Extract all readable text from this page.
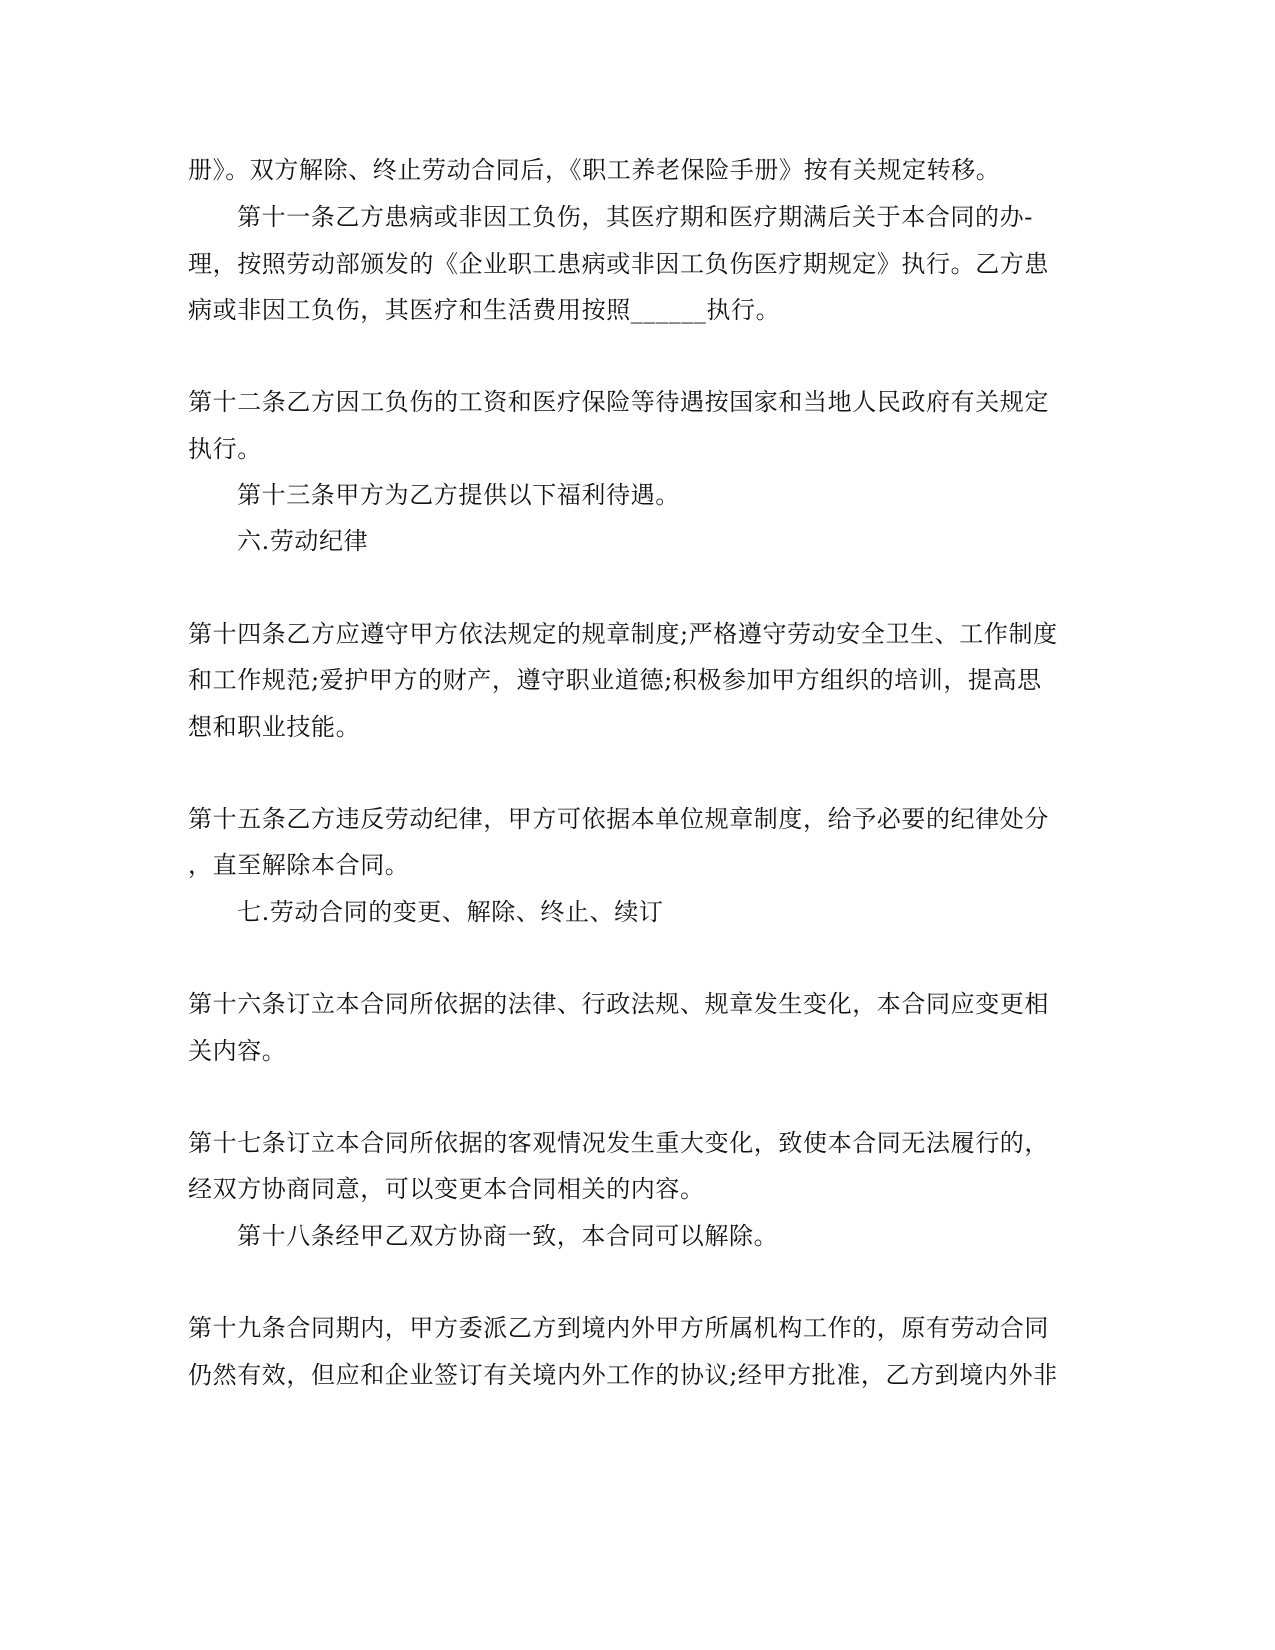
册》。双方解除、终止劳动合同后，《职工养老保险手册》按有关规定转移。
第十一条乙方患病或非因工负伤，其医疗期和医疗期满后关于本合同的办-
理，按照劳动部颁发的《企业职工患病或非因工负伤医疗期规定》执行。乙方患
病或非因工负伤，其医疗和生活费用按照______执行。
第十二条乙方因工负伤的工资和医疗保险等待遇按国家和当地人民政府有关规定
执行。
第十三条甲方为乙方提供以下福利待遇。
六.劳动纪律
第十四条乙方应遵守甲方依法规定的规章制度;严格遵守劳动安全卫生、工作制度
和工作规范;爱护甲方的财产，遵守职业道德;积极参加甲方组织的培训，提高思
想和职业技能。
第十五条乙方违反劳动纪律，甲方可依据本单位规章制度，给予必要的纪律处分
，直至解除本合同。
七.劳动合同的变更、解除、终止、续订
第十六条订立本合同所依据的法律、行政法规、规章发生变化，本合同应变更相
关内容。
第十七条订立本合同所依据的客观情况发生重大变化，致使本合同无法履行的，
经双方协商同意，可以变更本合同相关的内容。
第十八条经甲乙双方协商一致，本合同可以解除。
第十九条合同期内，甲方委派乙方到境内外甲方所属机构工作的，原有劳动合同
仍然有效，但应和企业签订有关境内外工作的协议;经甲方批准，乙方到境内外非
